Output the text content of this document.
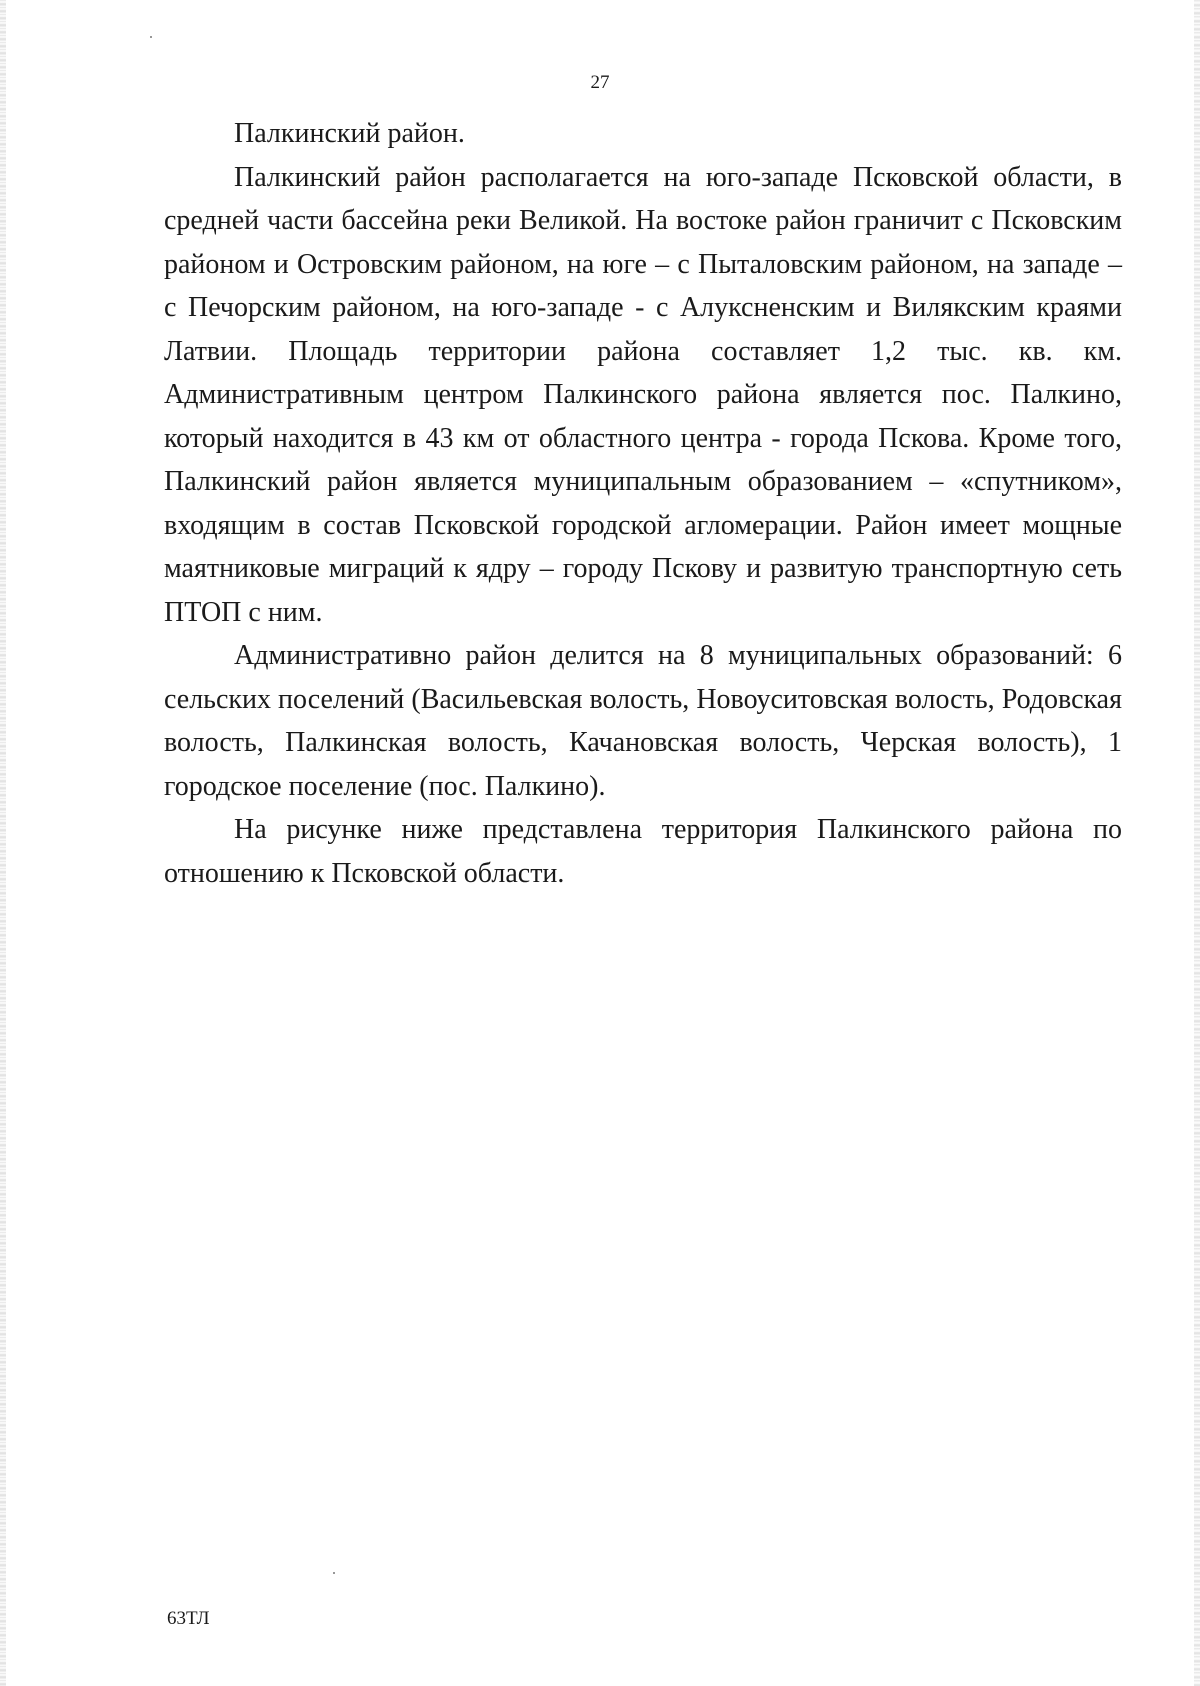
27

Палкинский район.

Палкинский район располагается на юго-западе Псковской области, в средней части бассейна реки Великой. На востоке район граничит с Псковским районом и Островским районом, на юге – с Пыталовским районом, на западе – с Печорским районом, на юго-западе - с Алуксненским и Вилякским краями Латвии. Площадь территории района составляет 1,2 тыс. кв. км. Административным центром Палкинского района является пос. Палкино, который находится в 43 км от областного центра - города Пскова. Кроме того, Палкинский район является муниципальным образованием – «спутником», входящим в состав Псковской городской агломерации. Район имеет мощные маятниковые миграций к ядру – городу Пскову и развитую транспортную сеть ПТОП с ним.

Административно район делится на 8 муниципальных образований: 6 сельских поселений (Васильевская волость, Новоуситовская волость, Родовская волость, Палкинская волость, Качановская волость, Черская волость), 1 городское поселение (пос. Палкино).

На рисунке ниже представлена территория Палкинского района по отношению к Псковской области.

63ТЛ
